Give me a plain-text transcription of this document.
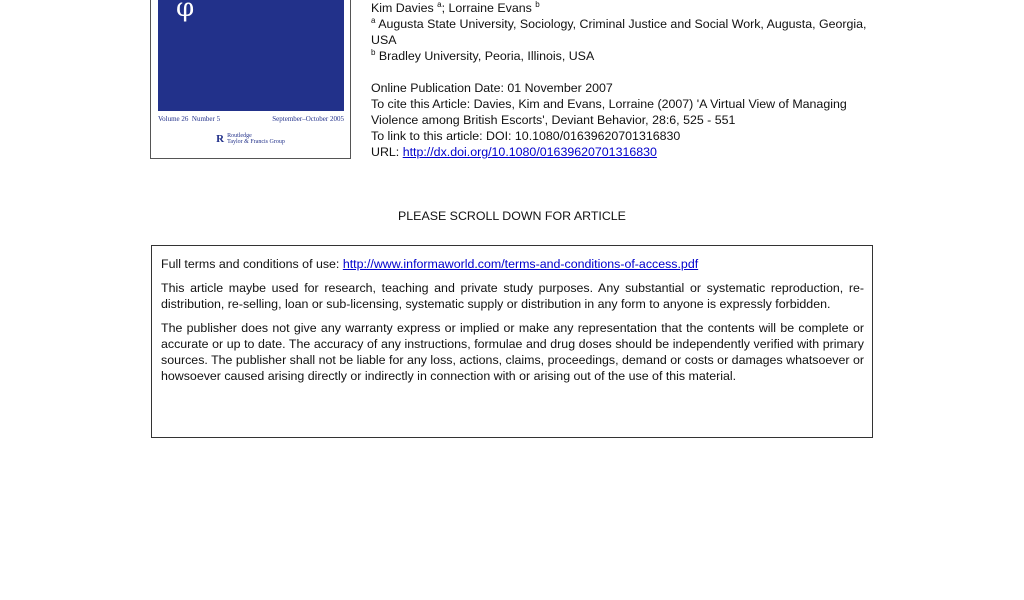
φ
Volume 26 Number 5	September–October 2005
R Routledge
Taylor & Francis Group

Kim Davies $^a$; Lorraine Evans $^b$

$^a$ Augusta State University, Sociology, Criminal Justice and Social Work, Augusta, Georgia, USA

$^b$ Bradley University, Peoria, Illinois, USA

Online Publication Date: 01 November 2007

To cite this Article: Davies, Kim and Evans, Lorraine (2007) 'A Virtual View of Managing Violence among British Escorts', Deviant Behavior, 28:6, 525 - 551

To link to this article: DOI: 10.1080/01639620701316830

URL: http://dx.doi.org/10.1080/01639620701316830

PLEASE SCROLL DOWN FOR ARTICLE

Full terms and conditions of use: http://www.informaworld.com/terms-and-conditions-of-access.pdf

This article maybe used for research, teaching and private study purposes. Any substantial or systematic reproduction, re-distribution, re-selling, loan or sub-licensing, systematic supply or distribution in any form to anyone is expressly forbidden.

The publisher does not give any warranty express or implied or make any representation that the contents will be complete or accurate or up to date. The accuracy of any instructions, formulae and drug doses should be independently verified with primary sources. The publisher shall not be liable for any loss, actions, claims, proceedings, demand or costs or damages whatsoever or howsoever caused arising directly or indirectly in connection with or arising out of the use of this material.
